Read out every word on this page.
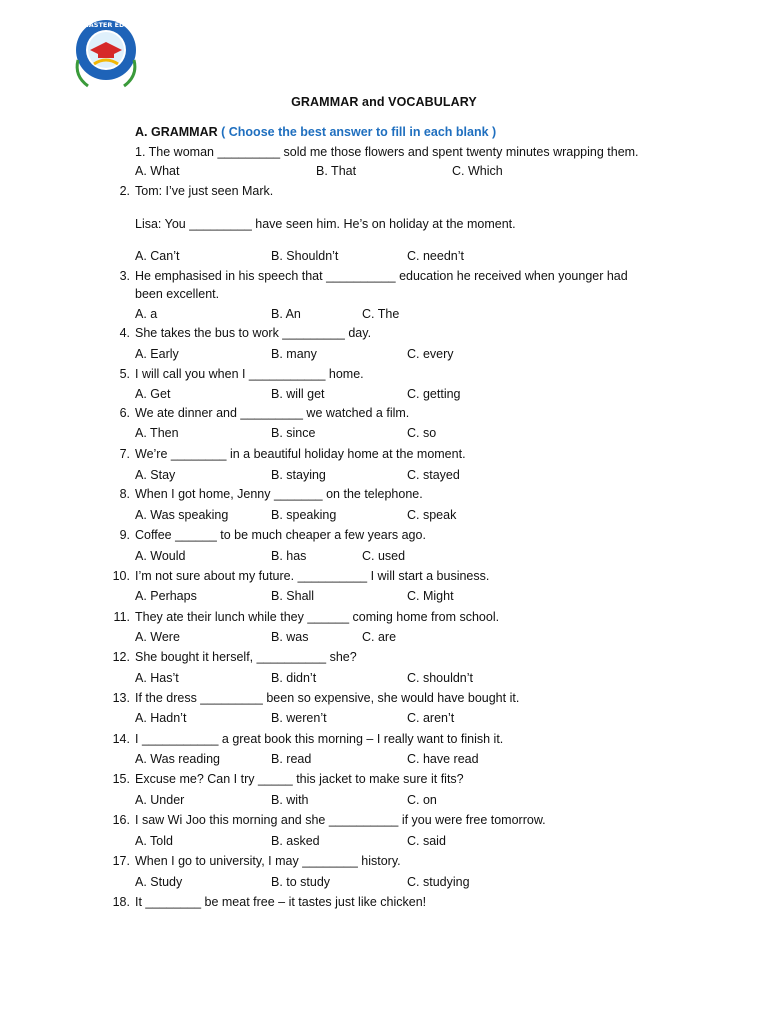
MASTER EDU
GRAMMAR and VOCABULARY
A. GRAMMAR ( Choose the best answer to fill in each blank )
1. The woman _________ sold me those flowers and spent twenty minutes wrapping them.
A. What	B. That	C. Which
2. Tom: I’ve just seen Mark.
Lisa: You _________ have seen him. He’s on holiday at the moment.
A. Can’t	B. Shouldn’t	C. needn’t
3. He emphasised in his speech that __________ education he received when younger had
been excellent.
A. a	B. An	C. The
4. She takes the bus to work _________ day.
A. Early	B. many	C. every
5. I will call you when I ___________ home.
A. Get	B. will get	C. getting
6. We ate dinner and _________ we watched a film.
A. Then	B. since	C. so
7. We’re ________ in a beautiful holiday home at the moment.
A. Stay	B. staying	C. stayed
8. When I got home, Jenny _______ on the telephone.
A. Was speaking	B. speaking	C. speak
9. Coffee ______ to be much cheaper a few years ago.
A. Would	B. has	C. used
10. I’m not sure about my future. __________ I will start a business.
A. Perhaps	B. Shall	C. Might
11. They ate their lunch while they ______ coming home from school.
A. Were	B. was	C. are
12. She bought it herself, __________ she?
A. Has’t	B. didn’t	C. shouldn’t
13. If the dress _________ been so expensive, she would have bought it.
A. Hadn’t	B. weren’t	C. aren’t
14. I ___________ a great book this morning – I really want to finish it.
A. Was reading	B. read	C. have read
15. Excuse me? Can I try _____ this jacket to make sure it fits?
A. Under	B. with	C. on
16. I saw Wi Joo this morning and she __________ if you were free tomorrow.
A. Told	B. asked	C. said
17. When I go to university, I may ________ history.
A. Study	B. to study	C. studying
18. It ________ be meat free – it tastes just like chicken!
